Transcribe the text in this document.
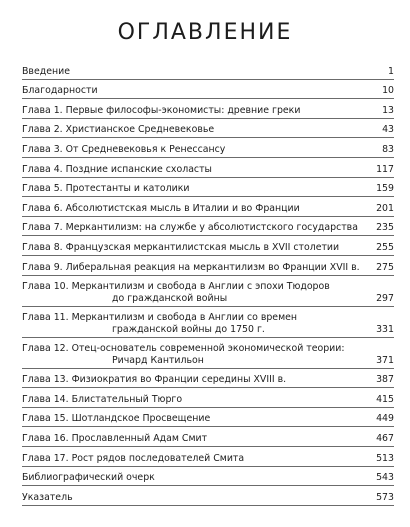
ОГЛАВЛЕНИЕ
Введение	1
Благодарности	10
Глава 1. Первые философы-экономисты: древние греки	13
Глава 2. Христианское Средневековье	43
Глава 3. От Средневековья к Ренессансу	83
Глава 4. Поздние испанские схоласты	117
Глава 5. Протестанты и католики	159
Глава 6. Абсолютистская мысль в Италии и во Франции	201
Глава 7. Меркантилизм: на службе у абсолютистского государства	235
Глава 8. Французская меркантилистская мысль в XVII столетии	255
Глава 9. Либеральная реакция на меркантилизм во Франции XVII в.	275
Глава 10. Меркантилизм и свобода в Англии с эпохи Тюдоров
до гражданской войны	297
Глава 11. Меркантилизм и свобода в Англии со времен
гражданской войны до 1750 г.	331
Глава 12. Отец-основатель современной экономической теории:
Ричард Кантильон	371
Глава 13. Физиократия во Франции середины XVIII в.	387
Глава 14. Блистательный Тюрго	415
Глава 15. Шотландское Просвещение	449
Глава 16. Прославленный Адам Смит	467
Глава 17. Рост рядов последователей Смита	513
Библиографический очерк	543
Указатель	573
